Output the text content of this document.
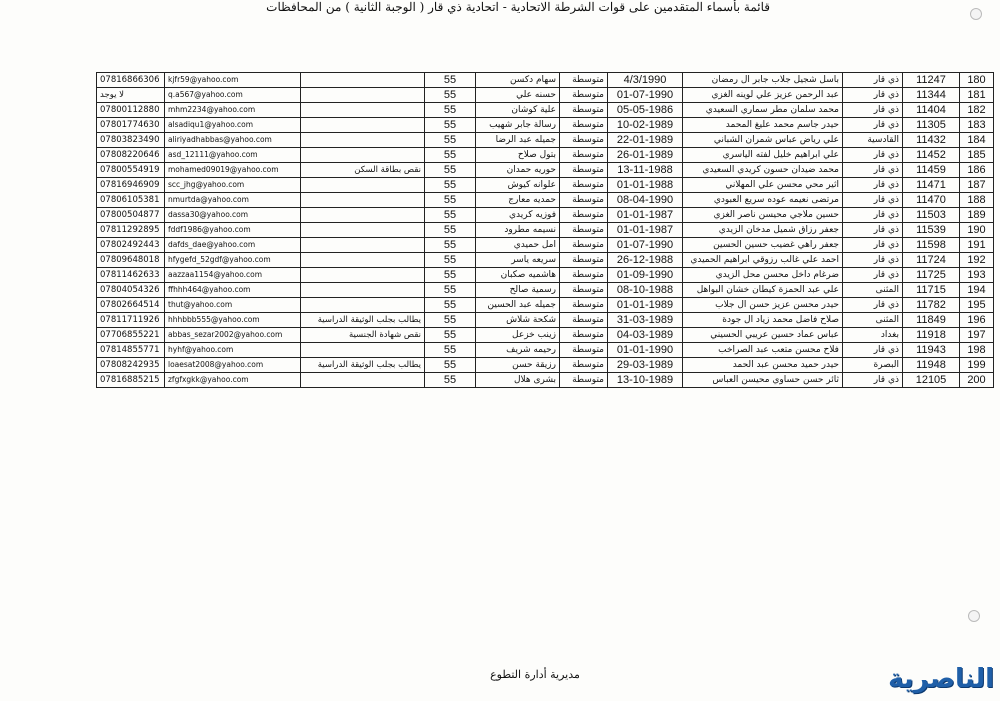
قائمة بأسماء المتقدمين على قوات الشرطة الاتحادية - اتحادية ذي قار ( الوجبة الثانية ) من المحافظات
07816866306	kjfr59@yahoo.com		55	سهام دكسن	متوسطة	4/3/1990	باسل شجيل جلاب جابر ال رمضان	ذي قار	11247	180
لا يوجد	q.a567@yahoo.com		55	حسنه علي	متوسطة	01-07-1990	عبد الرحمن عزيز علي لوينه الغزي	ذي قار	11344	181
07800112880	mhm2234@yahoo.com		55	علية كوشان	متوسطة	05-05-1986	محمد سلمان مطر سماري السعيدي	ذي قار	11404	182
07801774630	alsadiqu1@yahoo.com		55	رسالة جابر شهيب	متوسطة	10-02-1989	حيدر جاسم محمد عليغ المحمد	ذي قار	11305	183
07803823490	aliriyadhabbas@yahoo.com		55	جميله عبد الرضا	متوسطة	22-01-1989	علي رياض عباس شمران الشباني	القادسية	11432	184
07808220646	asd_12111@yahoo.com		55	بتول صلاح	متوسطة	26-01-1989	علي ابراهيم خليل لفته الياسري	ذي قار	11452	185
07800554919	mohamed09019@yahoo.com	نقص بطاقة السكن	55	حوريه حمدان	متوسطة	13-11-1988	محمد ضيدان حسون كريدي السعيدي	ذي قار	11459	186
07816946909	scc_jhg@yahoo.com		55	علوانه كيوش	متوسطة	01-01-1988	اثير محي محسن علي المهلاني	ذي قار	11471	187
07806105381	nmurtda@yahoo.com		55	حمديه معارج	متوسطة	08-04-1990	مرتضى نعيمه عوده سريع العبودي	ذي قار	11470	188
07800504877	dassa30@yahoo.com		55	فوزيه كريدي	متوسطة	01-01-1987	حسين ملاجي محيسن ناصر الغزي	ذي قار	11503	189
07811292895	fddf1986@yahoo.com		55	نسيمه مطرود	متوسطة	01-01-1987	جعفر رزاق شميل مدخان الزيدي	ذي قار	11539	190
07802492443	dafds_dae@yahoo.com		55	امل حميدي	متوسطة	01-07-1990	جعفر راهي غضيب حسين الحسين	ذي قار	11598	191
07809648018	hfygefd_52gdf@yahoo.com		55	سريعه ياسر	متوسطة	26-12-1988	احمد علي غالب رزوقي ابراهيم الحميدي	ذي قار	11724	192
07811462633	aazzaa1154@yahoo.com		55	هاشميه صكبان	متوسطة	01-09-1990	ضرغام داخل محسن محل الزيدي	ذي قار	11725	193
07804054326	ffhhh464@yahoo.com		55	رسمية صالح	متوسطة	08-10-1988	علي عبد الحمزة كيطان خشان البواهل	المثنى	11715	194
07802664514	thut@yahoo.com		55	جميله عبد الحسين	متوسطة	01-01-1989	حيدر محسن عزيز حسن ال جلاب	ذي قار	11782	195
07811711926	hhhbbb555@yahoo.com	يطالب بجلب الوثيقة الدراسية	55	شكحة شلاش	متوسطة	31-03-1989	صلاح فاضل محمد زياد ال جودة	المثنى	11849	196
07706855221	abbas_sezar2002@yahoo.com	نقص شهادة الجنسية	55	زينب خزعل	متوسطة	04-03-1989	عباس عماد حسين عريبي الحسيني	بغداد	11918	197
07814855771	hyhf@yahoo.com		55	رحيمه شريف	متوسطة	01-01-1990	فلاح محسن متعب عبد الصراخب	ذي قار	11943	198
07808242935	loaesat2008@yahoo.com	يطالب بجلب الوثيقة الدراسية	55	رزيقة حسن	متوسطة	29-03-1989	حيدر حميد محسن عبد الحمد	البصرة	11948	199
07816885215	zfgfxgkk@yahoo.com		55	بشرى هلال	متوسطة	13-10-1989	ثائر حسن حساوي محيسن العباس	ذي قار	12105	200
مديرية أدارة التطوع	الناصرية
